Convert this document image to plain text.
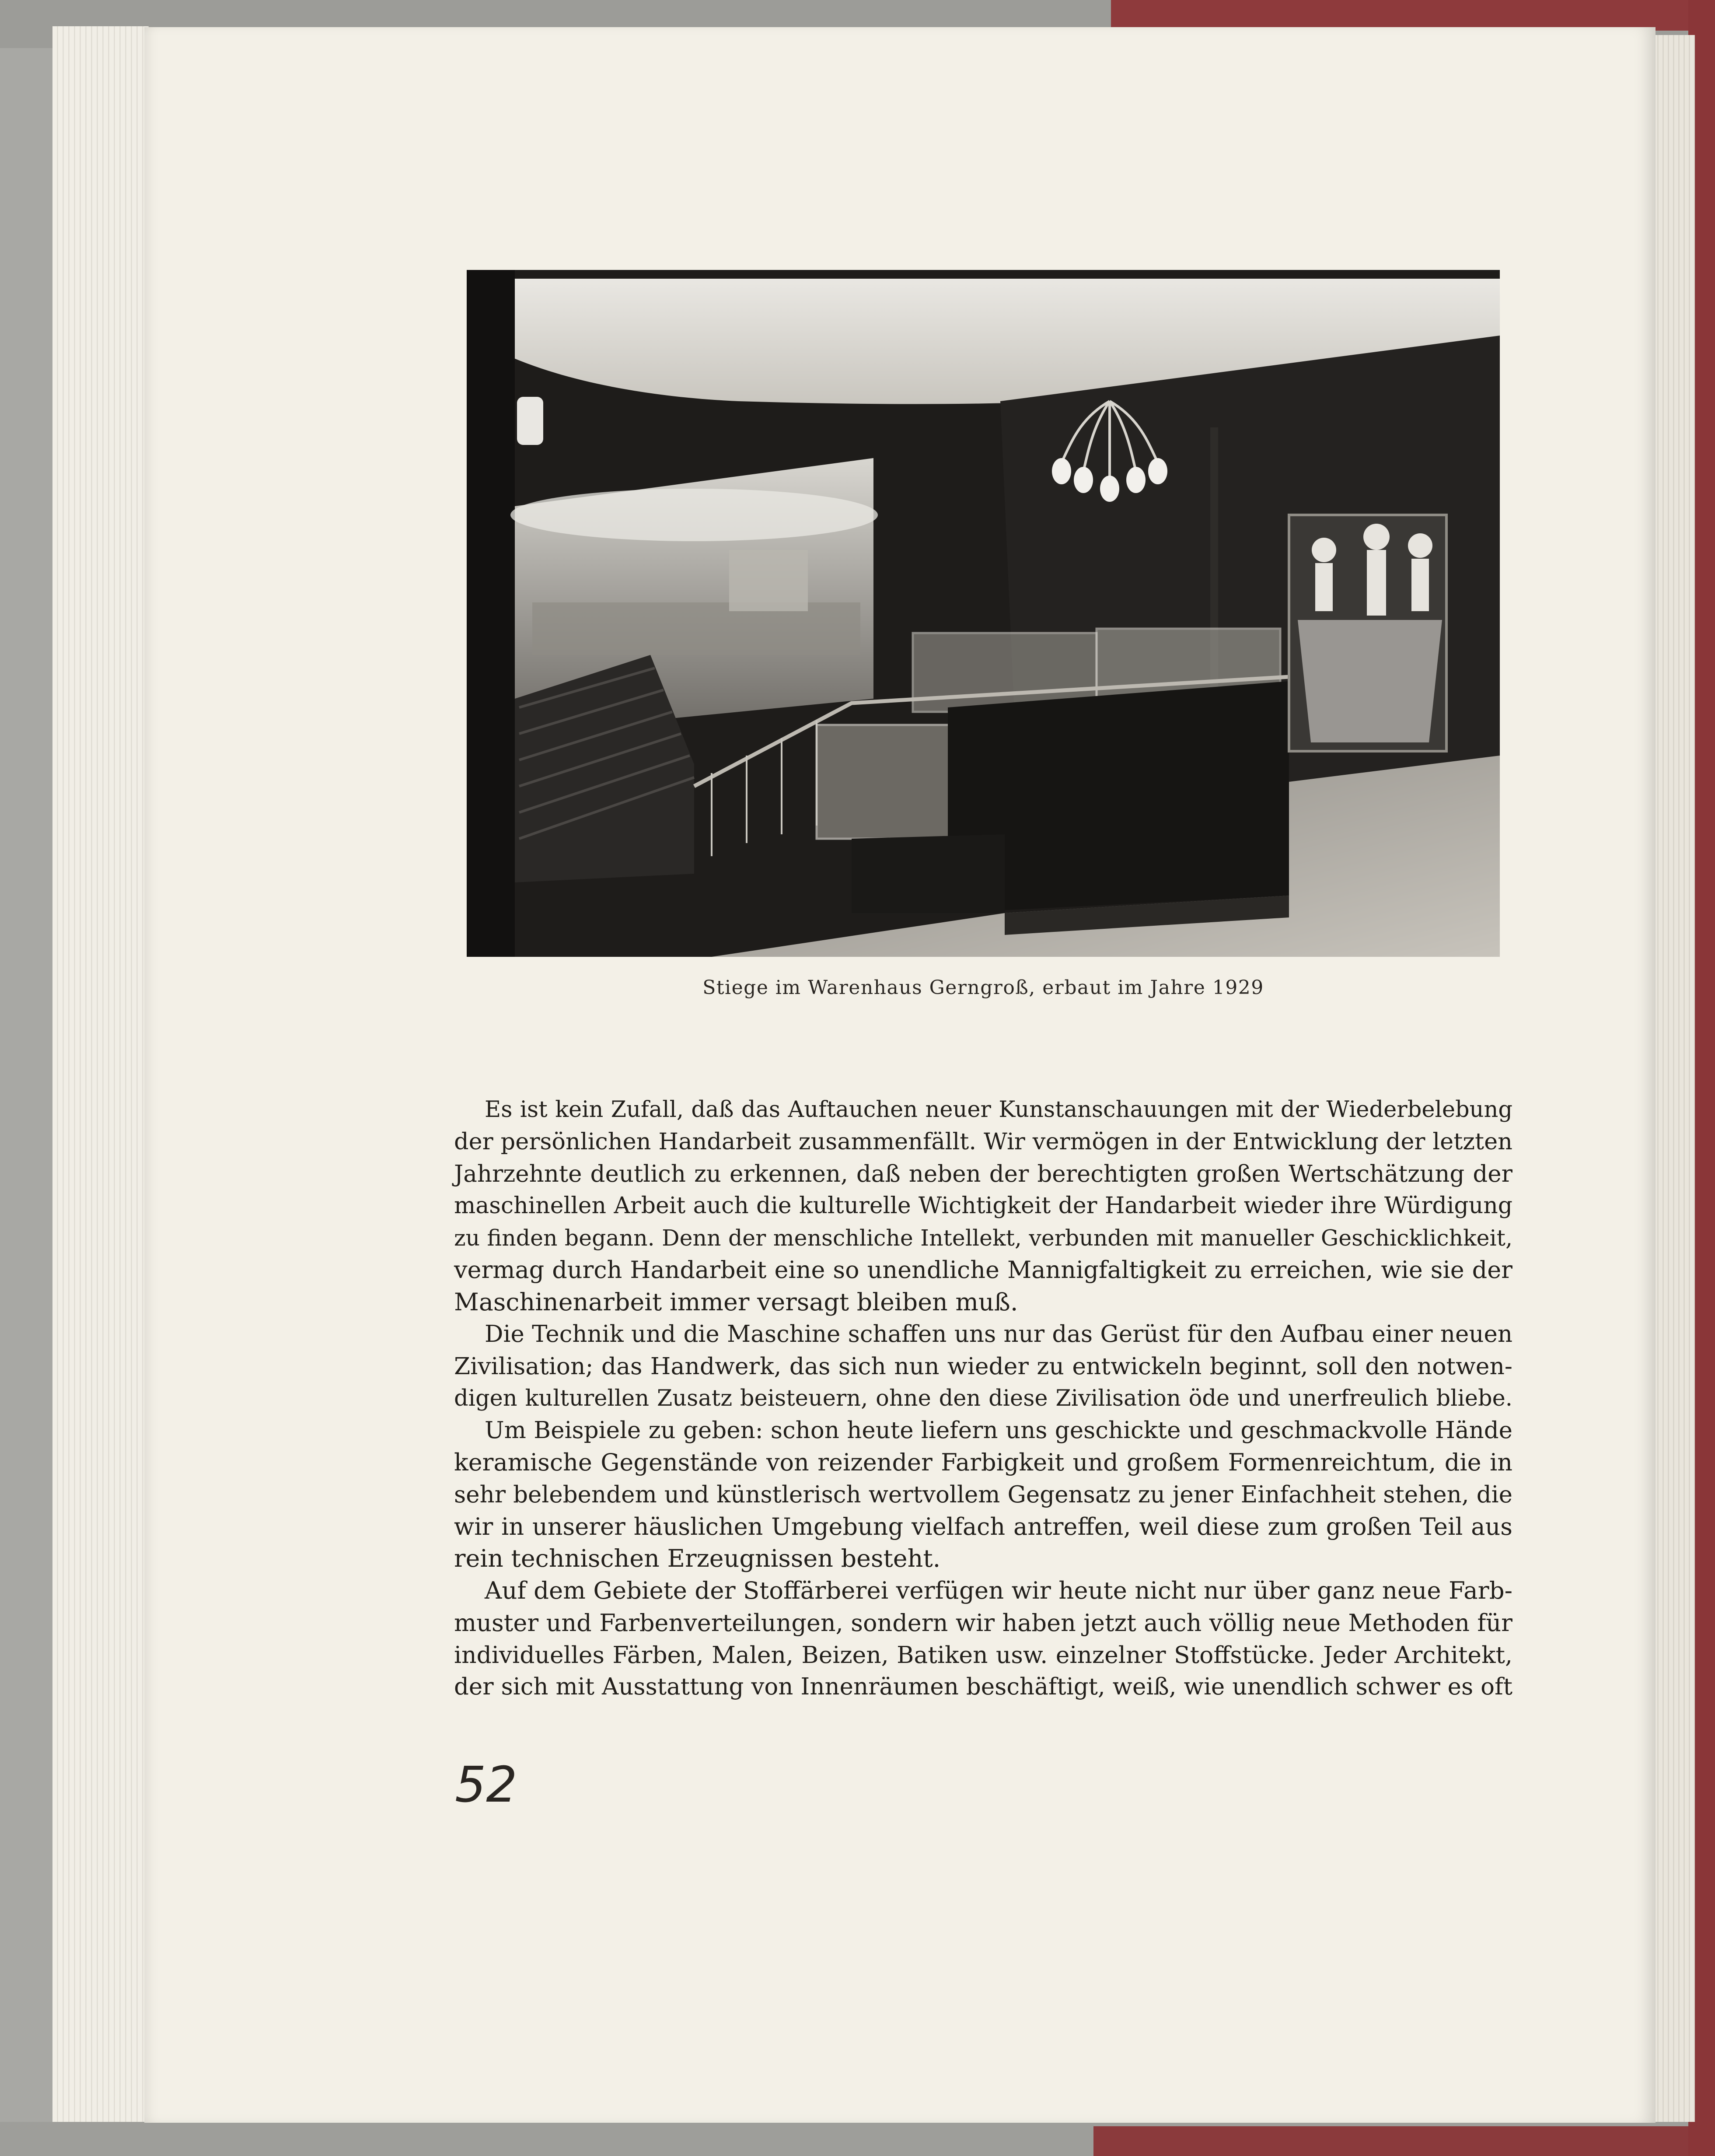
Stiege im Warenhaus Gerngroß, erbaut im Jahre 1929
Es ist kein Zufall, daß das Auftauchen neuer Kunstanschauungen mit der Wiederbelebung
der persönlichen Handarbeit zusammenfällt. Wir vermögen in der Entwicklung der letzten
Jahrzehnte deutlich zu erkennen, daß neben der berechtigten großen Wertschätzung der
maschinellen Arbeit auch die kulturelle Wichtigkeit der Handarbeit wieder ihre Würdigung
zu finden begann. Denn der menschliche Intellekt, verbunden mit manueller Geschicklichkeit,
vermag durch Handarbeit eine so unendliche Mannigfaltigkeit zu erreichen, wie sie der
Maschinenarbeit immer versagt bleiben muß.
Die Technik und die Maschine schaffen uns nur das Gerüst für den Aufbau einer neuen
Zivilisation; das Handwerk, das sich nun wieder zu entwickeln beginnt, soll den notwen-
digen kulturellen Zusatz beisteuern, ohne den diese Zivilisation öde und unerfreulich bliebe.
Um Beispiele zu geben: schon heute liefern uns geschickte und geschmackvolle Hände
keramische Gegenstände von reizender Farbigkeit und großem Formenreichtum, die in
sehr belebendem und künstlerisch wertvollem Gegensatz zu jener Einfachheit stehen, die
wir in unserer häuslichen Umgebung vielfach antreffen, weil diese zum großen Teil aus
rein technischen Erzeugnissen besteht.
Auf dem Gebiete der Stoffärberei verfügen wir heute nicht nur über ganz neue Farb-
muster und Farbenverteilungen, sondern wir haben jetzt auch völlig neue Methoden für
individuelles Färben, Malen, Beizen, Batiken usw. einzelner Stoffstücke. Jeder Architekt,
der sich mit Ausstattung von Innenräumen beschäftigt, weiß, wie unendlich schwer es oft
52
